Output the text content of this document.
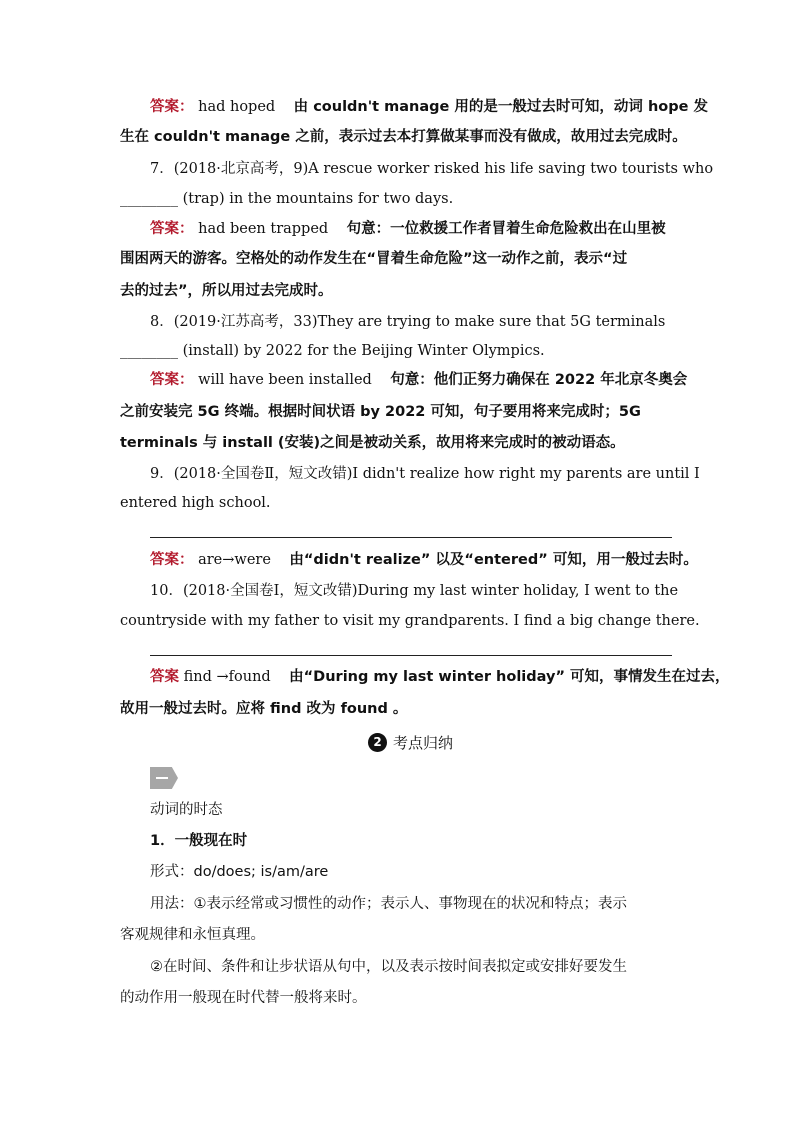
答案： had hoped 由 couldn't manage 用的是一般过去时可知，动词 hope 发
生在 couldn't manage 之前，表示过去本打算做某事而没有做成，故用过去完成时。
7．(2018·北京高考，9)A rescue worker risked his life saving two tourists who
________ (trap) in the mountains for two days.
答案： had been trapped 句意：一位救援工作者冒着生命危险救出在山里被
围困两天的游客。空格处的动作发生在“冒着生命危险”这一动作之前，表示“过
去的过去”，所以用过去完成时。
8．(2019·江苏高考，33)They are trying to make sure that 5G terminals
________ (install) by 2022 for the Beijing Winter Olympics.
答案： will have been installed 句意：他们正努力确保在 2022 年北京冬奥会
之前安装完 5G 终端。根据时间状语 by 2022 可知，句子要用将来完成时；5G
terminals 与 install (安装)之间是被动关系，故用将来完成时的被动语态。
9．(2018·全国卷Ⅱ，短文改错)I didn't realize how right my parents are until I
entered high school.
答案： are→were 由“didn't realize” 以及“entered” 可知，用一般过去时。
10．(2018·全国卷Ⅰ，短文改错)During my last winter holiday, I went to the
countryside with my father to visit my grandparents. I find a big change there.
答案 find →found 由“During my last winter holiday” 可知，事情发生在过去，
故用一般过去时。应将 find 改为 found 。
2 考点归纳
动词的时态
1．一般现在时
形式：do/does; is/am/are
用法：①表示经常或习惯性的动作；表示人、事物现在的状况和特点；表示
客观规律和永恒真理。
②在时间、条件和让步状语从句中，以及表示按时间表拟定或安排好要发生
的动作用一般现在时代替一般将来时。
